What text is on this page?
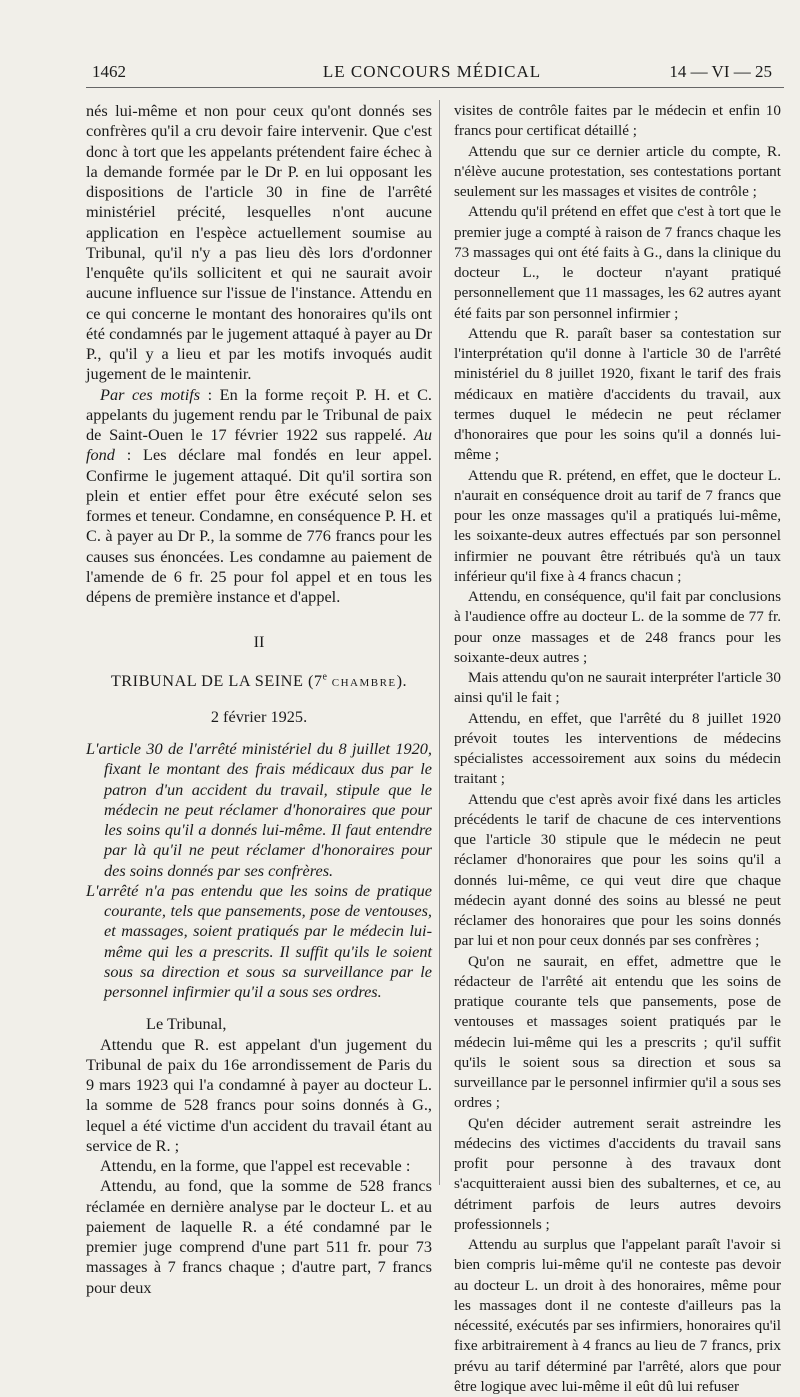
1462	LE CONCOURS MÉDICAL	14 — VI — 25

nés lui-même et non pour ceux qu'ont donnés ses confrères qu'il a cru devoir faire intervenir. Que c'est donc à tort que les appelants prétendent faire échec à la demande formée par le Dr P. en lui opposant les dispositions de l'article 30 in fine de l'arrêté ministériel précité, lesquelles n'ont aucune application en l'espèce actuellement soumise au Tribunal, qu'il n'y a pas lieu dès lors d'ordonner l'enquête qu'ils sollicitent et qui ne saurait avoir aucune influence sur l'issue de l'instance. Attendu en ce qui concerne le montant des honoraires qu'ils ont été condamnés par le jugement attaqué à payer au Dr P., qu'il y a lieu et par les motifs invoqués audit jugement de le maintenir.

Par ces motifs : En la forme reçoit P. H. et C. appelants du jugement rendu par le Tribunal de paix de Saint-Ouen le 17 février 1922 sus rappelé. Au fond : Les déclare mal fondés en leur appel. Confirme le jugement attaqué. Dit qu'il sortira son plein et entier effet pour être exécuté selon ses formes et teneur. Condamne, en conséquence P. H. et C. à payer au Dr P., la somme de 776 francs pour les causes sus énoncées. Les condamne au paiement de l'amende de 6 fr. 25 pour fol appel et en tous les dépens de première instance et d'appel.

II

TRIBUNAL DE LA SEINE (7e CHAMBRE).

2 février 1925.

L'article 30 de l'arrêté ministériel du 8 juillet 1920, fixant le montant des frais médicaux dus par le patron d'un accident du travail, stipule que le médecin ne peut réclamer d'honoraires que pour les soins qu'il a donnés lui-même. Il faut entendre par là qu'il ne peut réclamer d'honoraires pour des soins donnés par ses confrères.

L'arrêté n'a pas entendu que les soins de pratique courante, tels que pansements, pose de ventouses, et massages, soient pratiqués par le médecin lui-même qui les a prescrits. Il suffit qu'ils le soient sous sa direction et sous sa surveillance par le personnel infirmier qu'il a sous ses ordres.

Le Tribunal,

Attendu que R. est appelant d'un jugement du Tribunal de paix du 16e arrondissement de Paris du 9 mars 1923 qui l'a condamné à payer au docteur L. la somme de 528 francs pour soins donnés à G., lequel a été victime d'un accident du travail étant au service de R. ;

Attendu, en la forme, que l'appel est recevable :

Attendu, au fond, que la somme de 528 francs réclamée en dernière analyse par le docteur L. et au paiement de laquelle R. a été condamné par le premier juge comprend d'une part 511 fr. pour 73 massages à 7 francs chaque ; d'autre part, 7 francs pour deux

visites de contrôle faites par le médecin et enfin 10 francs pour certificat détaillé ;

Attendu que sur ce dernier article du compte, R. n'élève aucune protestation, ses contestations portant seulement sur les massages et visites de contrôle ;

Attendu qu'il prétend en effet que c'est à tort que le premier juge a compté à raison de 7 francs chaque les 73 massages qui ont été faits à G., dans la clinique du docteur L., le docteur n'ayant pratiqué personnellement que 11 massages, les 62 autres ayant été faits par son personnel infirmier ;

Attendu que R. paraît baser sa contestation sur l'interprétation qu'il donne à l'article 30 de l'arrêté ministériel du 8 juillet 1920, fixant le tarif des frais médicaux en matière d'accidents du travail, aux termes duquel le médecin ne peut réclamer d'honoraires que pour les soins qu'il a donnés lui-même ;

Attendu que R. prétend, en effet, que le docteur L. n'aurait en conséquence droit au tarif de 7 francs que pour les onze massages qu'il a pratiqués lui-même, les soixante-deux autres effectués par son personnel infirmier ne pouvant être rétribués qu'à un taux inférieur qu'il fixe à 4 francs chacun ;

Attendu, en conséquence, qu'il fait par conclusions à l'audience offre au docteur L. de la somme de 77 fr. pour onze massages et de 248 francs pour les soixante-deux autres ;

Mais attendu qu'on ne saurait interpréter l'article 30 ainsi qu'il le fait ;

Attendu, en effet, que l'arrêté du 8 juillet 1920 prévoit toutes les interventions de médecins spécialistes accessoirement aux soins du médecin traitant ;

Attendu que c'est après avoir fixé dans les articles précédents le tarif de chacune de ces interventions que l'article 30 stipule que le médecin ne peut réclamer d'honoraires que pour les soins qu'il a donnés lui-même, ce qui veut dire que chaque médecin ayant donné des soins au blessé ne peut réclamer des honoraires que pour les soins donnés par lui et non pour ceux donnés par ses confrères ;

Qu'on ne saurait, en effet, admettre que le rédacteur de l'arrêté ait entendu que les soins de pratique courante tels que pansements, pose de ventouses et massages soient pratiqués par le médecin lui-même qui les a prescrits ; qu'il suffit qu'ils le soient sous sa direction et sous sa surveillance par le personnel infirmier qu'il a sous ses ordres ;

Qu'en décider autrement serait astreindre les médecins des victimes d'accidents du travail sans profit pour personne à des travaux dont s'acquitteraient aussi bien des subalternes, et ce, au détriment parfois de leurs autres devoirs professionnels ;

Attendu au surplus que l'appelant paraît l'avoir si bien compris lui-même qu'il ne conteste pas devoir au docteur L. un droit à des honoraires, même pour les massages dont il ne conteste d'ailleurs pas la nécessité, exécutés par ses infirmiers, honoraires qu'il fixe arbitrairement à 4 francs au lieu de 7 francs, prix prévu au tarif déterminé par l'arrêté, alors que pour être logique avec lui-même il eût dû lui refuser
